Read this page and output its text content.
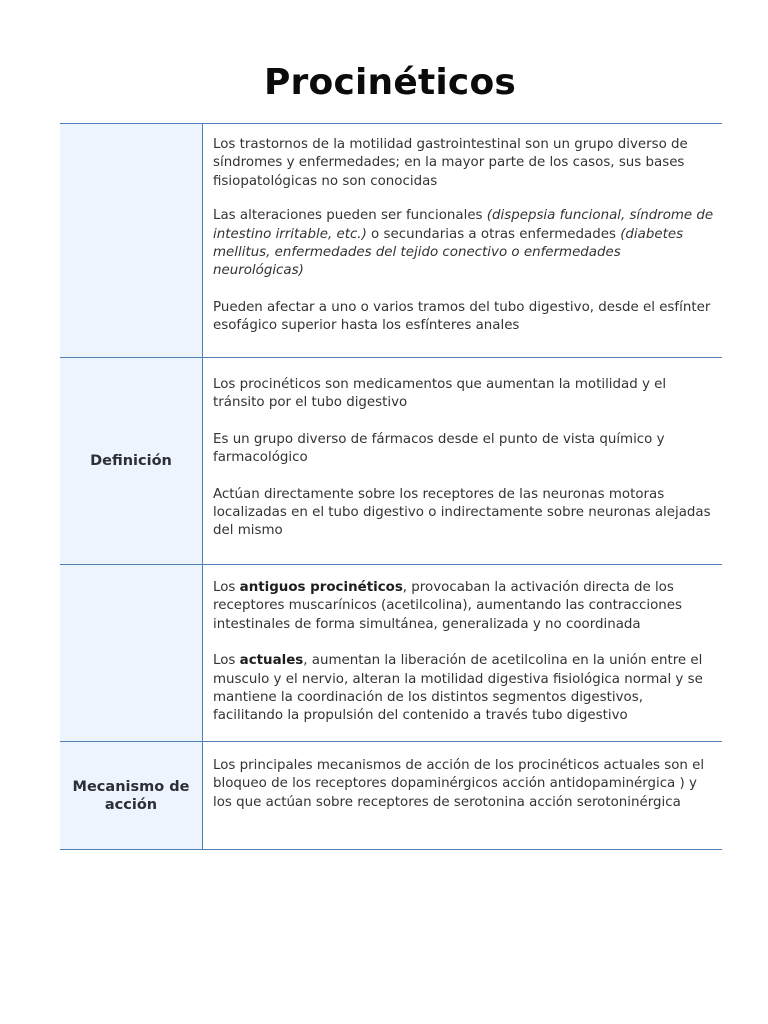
Procinéticos

Los trastornos de la motilidad gastrointestinal son un grupo diverso de síndromes y enfermedades; en la mayor parte de los casos, sus bases fisiopatológicas no son conocidas

Las alteraciones pueden ser funcionales (dispepsia funcional, síndrome de intestino irritable, etc.) o secundarias a otras enfermedades (diabetes mellitus, enfermedades del tejido conectivo o enfermedades neurológicas)

Pueden afectar a uno o varios tramos del tubo digestivo, desde el esfínter esofágico superior hasta los esfínteres anales

Definición

Los procinéticos son medicamentos que aumentan la motilidad y el tránsito por el tubo digestivo

Es un grupo diverso de fármacos desde el punto de vista químico y farmacológico

Actúan directamente sobre los receptores de las neuronas motoras localizadas en el tubo digestivo o indirectamente sobre neuronas alejadas del mismo

Los antiguos procinéticos, provocaban la activación directa de los receptores muscarínicos (acetilcolina), aumentando las contracciones intestinales de forma simultánea, generalizada y no coordinada

Los actuales, aumentan la liberación de acetilcolina en la unión entre el musculo y el nervio, alteran la motilidad digestiva fisiológica normal y se mantiene la coordinación de los distintos segmentos digestivos, facilitando la propulsión del contenido a través tubo digestivo

Mecanismo de acción

Los principales mecanismos de acción de los procinéticos actuales son el bloqueo de los receptores dopaminérgicos acción antidopaminérgica ) y los que actúan sobre receptores de serotonina acción serotoninérgica
